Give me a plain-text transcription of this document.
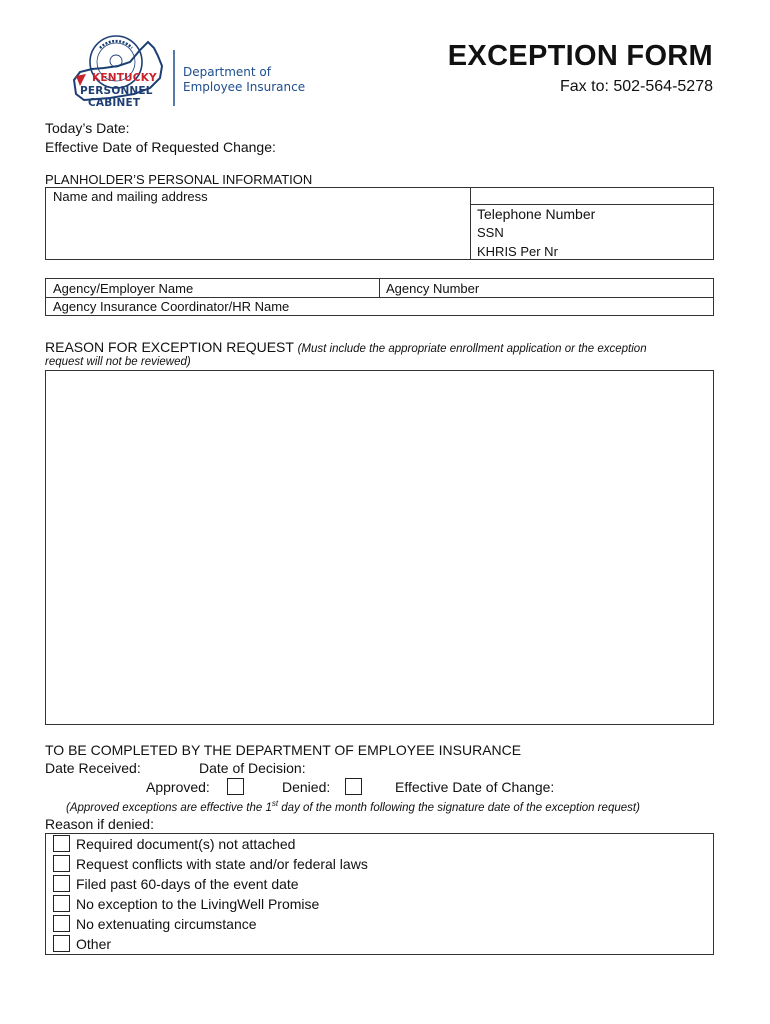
KENTUCKY
PERSONNEL
CABINET
Department of
Employee Insurance
EXCEPTION FORM
Fax to: 502-564-5278
Today’s Date:
Effective Date of Requested Change:
PLANHOLDER’S PERSONAL INFORMATION
Name and mailing address
Telephone Number
SSN
KHRIS Per Nr
Agency/Employer Name	Agency Number
Agency Insurance Coordinator/HR Name
REASON FOR EXCEPTION REQUEST (Must include the appropriate enrollment application or the exception
request will not be reviewed)
TO BE COMPLETED BY THE DEPARTMENT OF EMPLOYEE INSURANCE
Date Received:	Date of Decision:
Approved:	Denied:	Effective Date of Change:
(Approved exceptions are effective the 1st day of the month following the signature date of the exception request)
Reason if denied:
Required document(s) not attached
Request conflicts with state and/or federal laws
Filed past 60-days of the event date
No exception to the LivingWell Promise
No extenuating circumstance
Other
